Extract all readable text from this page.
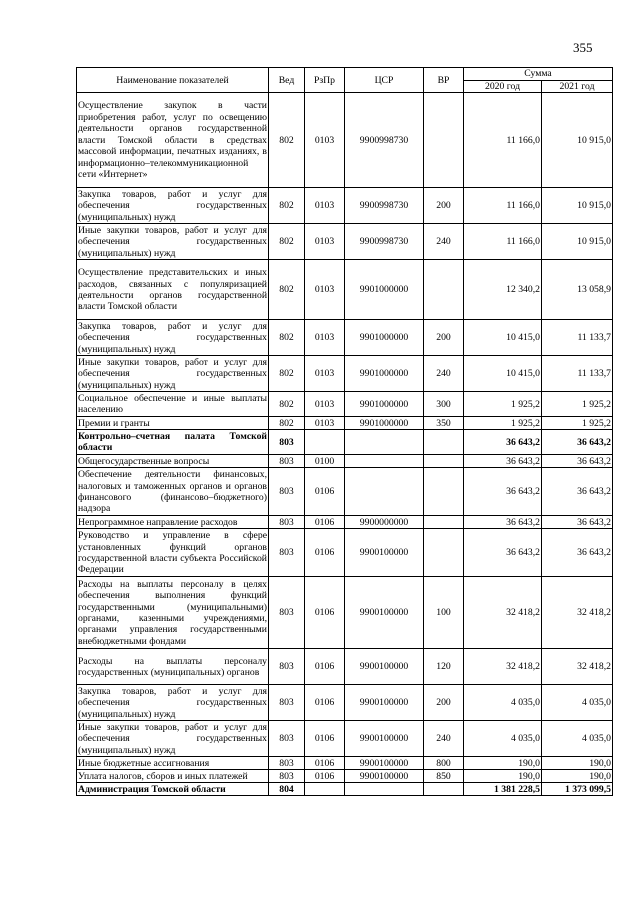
355
Наименование показателей	Вед	РзПр	ЦСР	ВР	Сумма	
					2020 год	2021 год
Осуществление закупок в части приобретения работ, услуг по освещению деятельности органов государственной власти Томской области в средствах массовой информации, печатных изданиях, в информационно–телекоммуникационной сети «Интернет»	802	0103	9900998730		11 166,0	10 915,0
Закупка товаров, работ и услуг для обеспечения государственных (муниципальных) нужд	802	0103	9900998730	200	11 166,0	10 915,0
Иные закупки товаров, работ и услуг для обеспечения государственных (муниципальных) нужд	802	0103	9900998730	240	11 166,0	10 915,0
Осуществление представительских и иных расходов, связанных с популяризацией деятельности органов государственной власти Томской области	802	0103	9901000000		12 340,2	13 058,9
Закупка товаров, работ и услуг для обеспечения государственных (муниципальных) нужд	802	0103	9901000000	200	10 415,0	11 133,7
Иные закупки товаров, работ и услуг для обеспечения государственных (муниципальных) нужд	802	0103	9901000000	240	10 415,0	11 133,7
Социальное обеспечение и иные выплаты населению	802	0103	9901000000	300	1 925,2	1 925,2
Премии и гранты	802	0103	9901000000	350	1 925,2	1 925,2
Контрольно–счетная палата Томской области	803				36 643,2	36 643,2
Общегосударственные вопросы	803	0100			36 643,2	36 643,2
Обеспечение деятельности финансовых, налоговых и таможенных органов и органов финансового (финансово–бюджетного) надзора	803	0106			36 643,2	36 643,2
Непрограммное направление расходов	803	0106	9900000000		36 643,2	36 643,2
Руководство и управление в сфере установленных функций органов государственной власти субъекта Российской Федерации	803	0106	9900100000		36 643,2	36 643,2
Расходы на выплаты персоналу в целях обеспечения выполнения функций государственными (муниципальными) органами, казенными учреждениями, органами управления государственными внебюджетными фондами	803	0106	9900100000	100	32 418,2	32 418,2
Расходы на выплаты персоналу государственных (муниципальных) органов	803	0106	9900100000	120	32 418,2	32 418,2
Закупка товаров, работ и услуг для обеспечения государственных (муниципальных) нужд	803	0106	9900100000	200	4 035,0	4 035,0
Иные закупки товаров, работ и услуг для обеспечения государственных (муниципальных) нужд	803	0106	9900100000	240	4 035,0	4 035,0
Иные бюджетные ассигнования	803	0106	9900100000	800	190,0	190,0
Уплата налогов, сборов и иных платежей	803	0106	9900100000	850	190,0	190,0
Администрация Томской области	804				1 381 228,5	1 373 099,5
